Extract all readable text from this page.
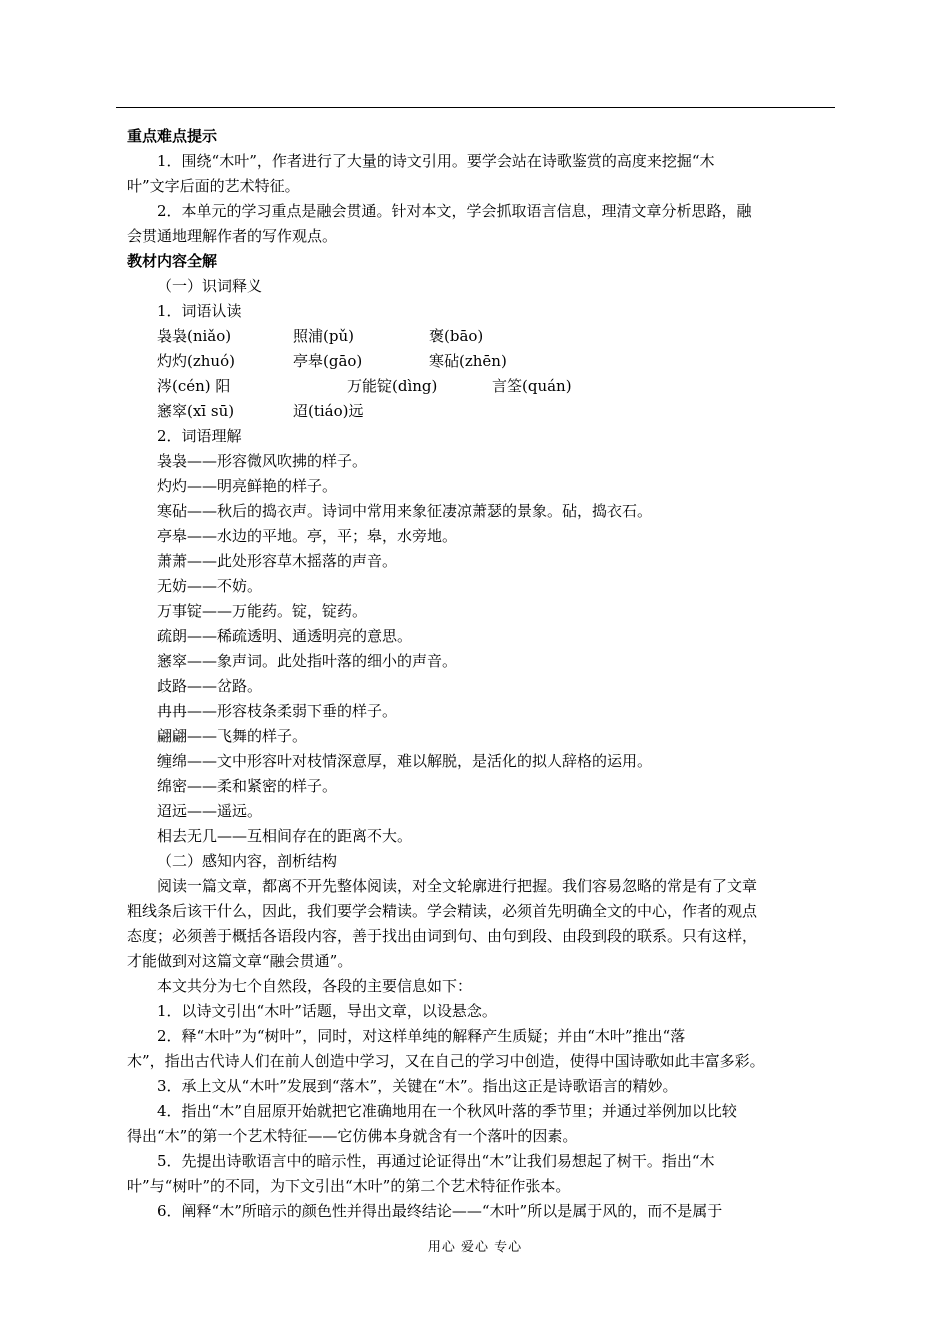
重点难点提示
1．围绕“木叶”，作者进行了大量的诗文引用。要学会站在诗歌鉴赏的高度来挖掘“木
叶”文字后面的艺术特征。
2．本单元的学习重点是融会贯通。针对本文，学会抓取语言信息，理清文章分析思路，融
会贯通地理解作者的写作观点。
教材内容全解
（一）识词释义
1．词语认读
袅袅(niǎo)	照浦(pǔ)	褒(bāo)
灼灼(zhuó)	亭皋(gāo)	寒砧(zhēn)
涔(cén) 阳	万能锭(dìng)	言筌(quán)
窸窣(xī sū)	迢(tiáo)远
2．词语理解
袅袅——形容微风吹拂的样子。
灼灼——明亮鲜艳的样子。
寒砧——秋后的捣衣声。诗词中常用来象征凄凉萧瑟的景象。砧，捣衣石。
亭皋——水边的平地。亭，平；皋，水旁地。
萧萧——此处形容草木摇落的声音。
无妨——不妨。
万事锭——万能药。锭，锭药。
疏朗——稀疏透明、通透明亮的意思。
窸窣——象声词。此处指叶落的细小的声音。
歧路——岔路。
冉冉——形容枝条柔弱下垂的样子。
翩翩——飞舞的样子。
缠绵——文中形容叶对枝情深意厚，难以解脱，是活化的拟人辞格的运用。
绵密——柔和紧密的样子。
迢远——遥远。
相去无几——互相间存在的距离不大。
（二）感知内容，剖析结构
阅读一篇文章，都离不开先整体阅读，对全文轮廓进行把握。我们容易忽略的常是有了文章
粗线条后该干什么，因此，我们要学会精读。学会精读，必须首先明确全文的中心，作者的观点
态度；必须善于概括各语段内容，善于找出由词到句、由句到段、由段到段的联系。只有这样，
才能做到对这篇文章“融会贯通”。
本文共分为七个自然段，各段的主要信息如下：
1．以诗文引出“木叶”话题，导出文章，以设悬念。
2．释“木叶”为“树叶”，同时，对这样单纯的解释产生质疑；并由“木叶”推出“落
木”，指出古代诗人们在前人创造中学习，又在自己的学习中创造，使得中国诗歌如此丰富多彩。
3．承上文从“木叶”发展到“落木”，关键在“木”。指出这正是诗歌语言的精妙。
4．指出“木”自屈原开始就把它准确地用在一个秋风叶落的季节里；并通过举例加以比较
得出“木”的第一个艺术特征——它仿佛本身就含有一个落叶的因素。
5．先提出诗歌语言中的暗示性，再通过论证得出“木”让我们易想起了树干。指出“木
叶”与“树叶”的不同，为下文引出“木叶”的第二个艺术特征作张本。
6．阐释“木”所暗示的颜色性并得出最终结论——“木叶”所以是属于风的，而不是属于
用心 爱心 专心
